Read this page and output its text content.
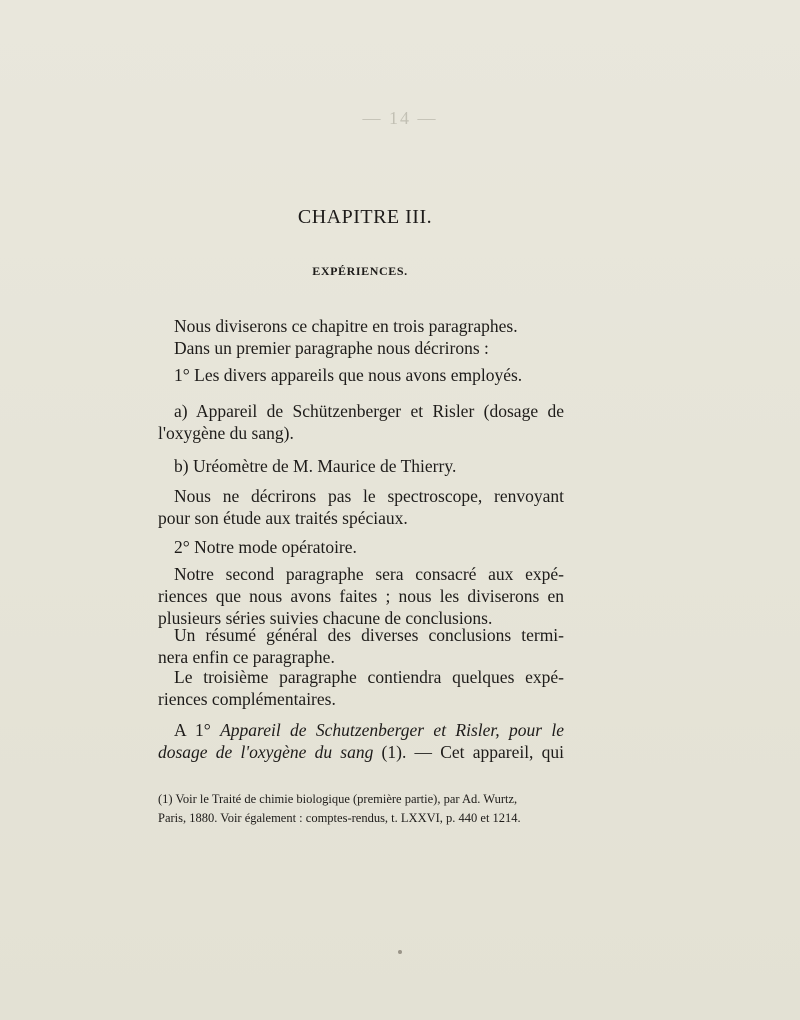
— 14 —
CHAPITRE III.
EXPÉRIENCES.
Nous diviserons ce chapitre en trois paragraphes.
Dans un premier paragraphe nous décrirons :
1° Les divers appareils que nous avons employés.
a) Appareil de Schützenberger et Risler (dosage de
l'oxygène du sang).
b) Uréomètre de M. Maurice de Thierry.
Nous ne décrirons pas le spectroscope, renvoyant
pour son étude aux traités spéciaux.
2° Notre mode opératoire.
Notre second paragraphe sera consacré aux expé-
riences que nous avons faites ; nous les diviserons en
plusieurs séries suivies chacune de conclusions.
Un résumé général des diverses conclusions termi-
nera enfin ce paragraphe.
Le troisième paragraphe contiendra quelques expé-
riences complémentaires.
A 1° Appareil de Schutzenberger et Risler, pour le
dosage de l'oxygène du sang (1). — Cet appareil, qui
(1) Voir le Traité de chimie biologique (première partie), par Ad. Wurtz,
Paris, 1880. Voir également : comptes-rendus, t. LXXVI, p. 440 et 1214.
